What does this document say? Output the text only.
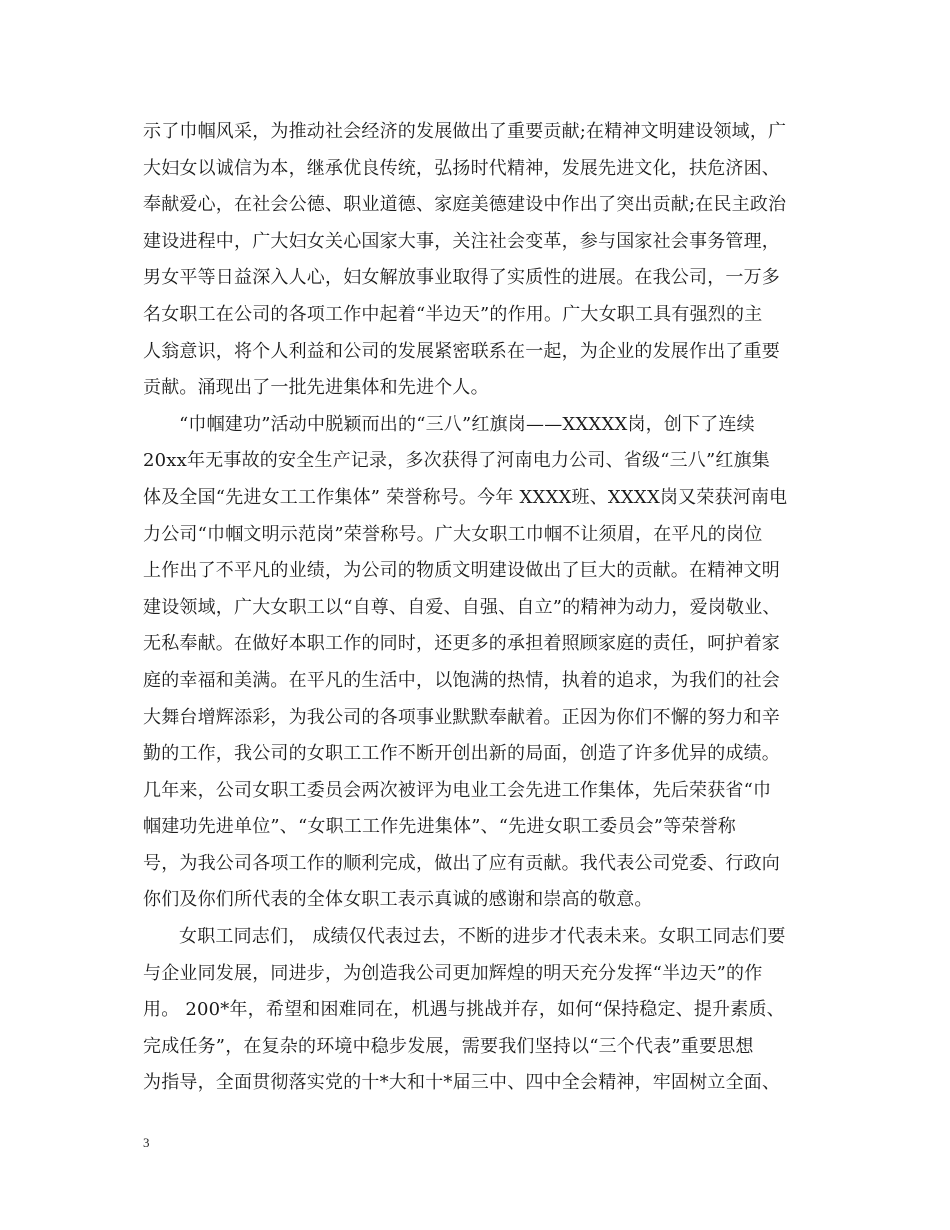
示了巾帼风采，为推动社会经济的发展做出了重要贡献;在精神文明建设领域，广
大妇女以诚信为本，继承优良传统，弘扬时代精神，发展先进文化，扶危济困、
奉献爱心，在社会公德、职业道德、家庭美德建设中作出了突出贡献;在民主政治
建设进程中，广大妇女关心国家大事，关注社会变革，参与国家社会事务管理，
男女平等日益深入人心，妇女解放事业取得了实质性的进展。在我公司，一万多
名女职工在公司的各项工作中起着“半边天”的作用。广大女职工具有强烈的主
人翁意识，将个人利益和公司的发展紧密联系在一起，为企业的发展作出了重要
贡献。涌现出了一批先进集体和先进个人。
“巾帼建功”活动中脱颖而出的“三八”红旗岗——XXXXX岗，创下了连续
20xx年无事故的安全生产记录，多次获得了河南电力公司、省级“三八”红旗集
体及全国“先进女工工作集体” 荣誉称号。今年 XXXX班、XXXX岗又荣获河南电
力公司“巾帼文明示范岗”荣誉称号。广大女职工巾帼不让须眉，在平凡的岗位
上作出了不平凡的业绩，为公司的物质文明建设做出了巨大的贡献。在精神文明
建设领域，广大女职工以“自尊、自爱、自强、自立”的精神为动力，爱岗敬业、
无私奉献。在做好本职工作的同时，还更多的承担着照顾家庭的责任，呵护着家
庭的幸福和美满。在平凡的生活中，以饱满的热情，执着的追求，为我们的社会
大舞台增辉添彩，为我公司的各项事业默默奉献着。正因为你们不懈的努力和辛
勤的工作，我公司的女职工工作不断开创出新的局面，创造了许多优异的成绩。
几年来，公司女职工委员会两次被评为电业工会先进工作集体，先后荣获省“巾
帼建功先进单位”、“女职工工作先进集体”、“先进女职工委员会”等荣誉称
号，为我公司各项工作的顺利完成，做出了应有贡献。我代表公司党委、行政向
你们及你们所代表的全体女职工表示真诚的感谢和崇高的敬意。
女职工同志们， 成绩仅代表过去，不断的进步才代表未来。女职工同志们要
与企业同发展，同进步，为创造我公司更加辉煌的明天充分发挥“半边天”的作
用。 200*年，希望和困难同在，机遇与挑战并存，如何“保持稳定、提升素质、
完成任务”，在复杂的环境中稳步发展，需要我们坚持以“三个代表”重要思想
为指导，全面贯彻落实党的十*大和十*届三中、四中全会精神，牢固树立全面、
3
